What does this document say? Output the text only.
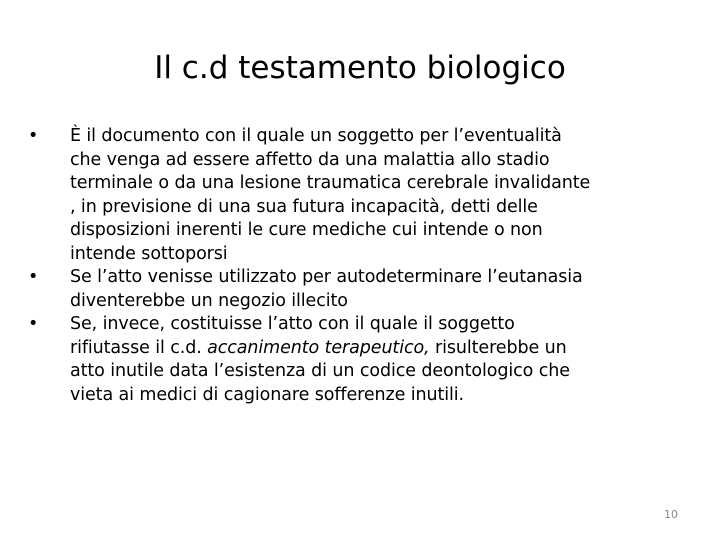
Il c.d testamento biologico
•	È il documento con il quale un soggetto per l’eventualità
che venga ad essere affetto da una malattia allo stadio
terminale o da una lesione traumatica cerebrale invalidante
, in previsione di una sua futura incapacità, detti delle
disposizioni inerenti le cure mediche cui intende o non
intende sottoporsi
•	Se l’atto venisse utilizzato per autodeterminare l’eutanasia
diventerebbe un negozio illecito
•	Se, invece, costituisse l’atto con il quale il soggetto
rifiutasse il c.d. accanimento terapeutico, risulterebbe un
atto inutile data l’esistenza di un codice deontologico che
vieta ai medici di cagionare sofferenze inutili.
10
